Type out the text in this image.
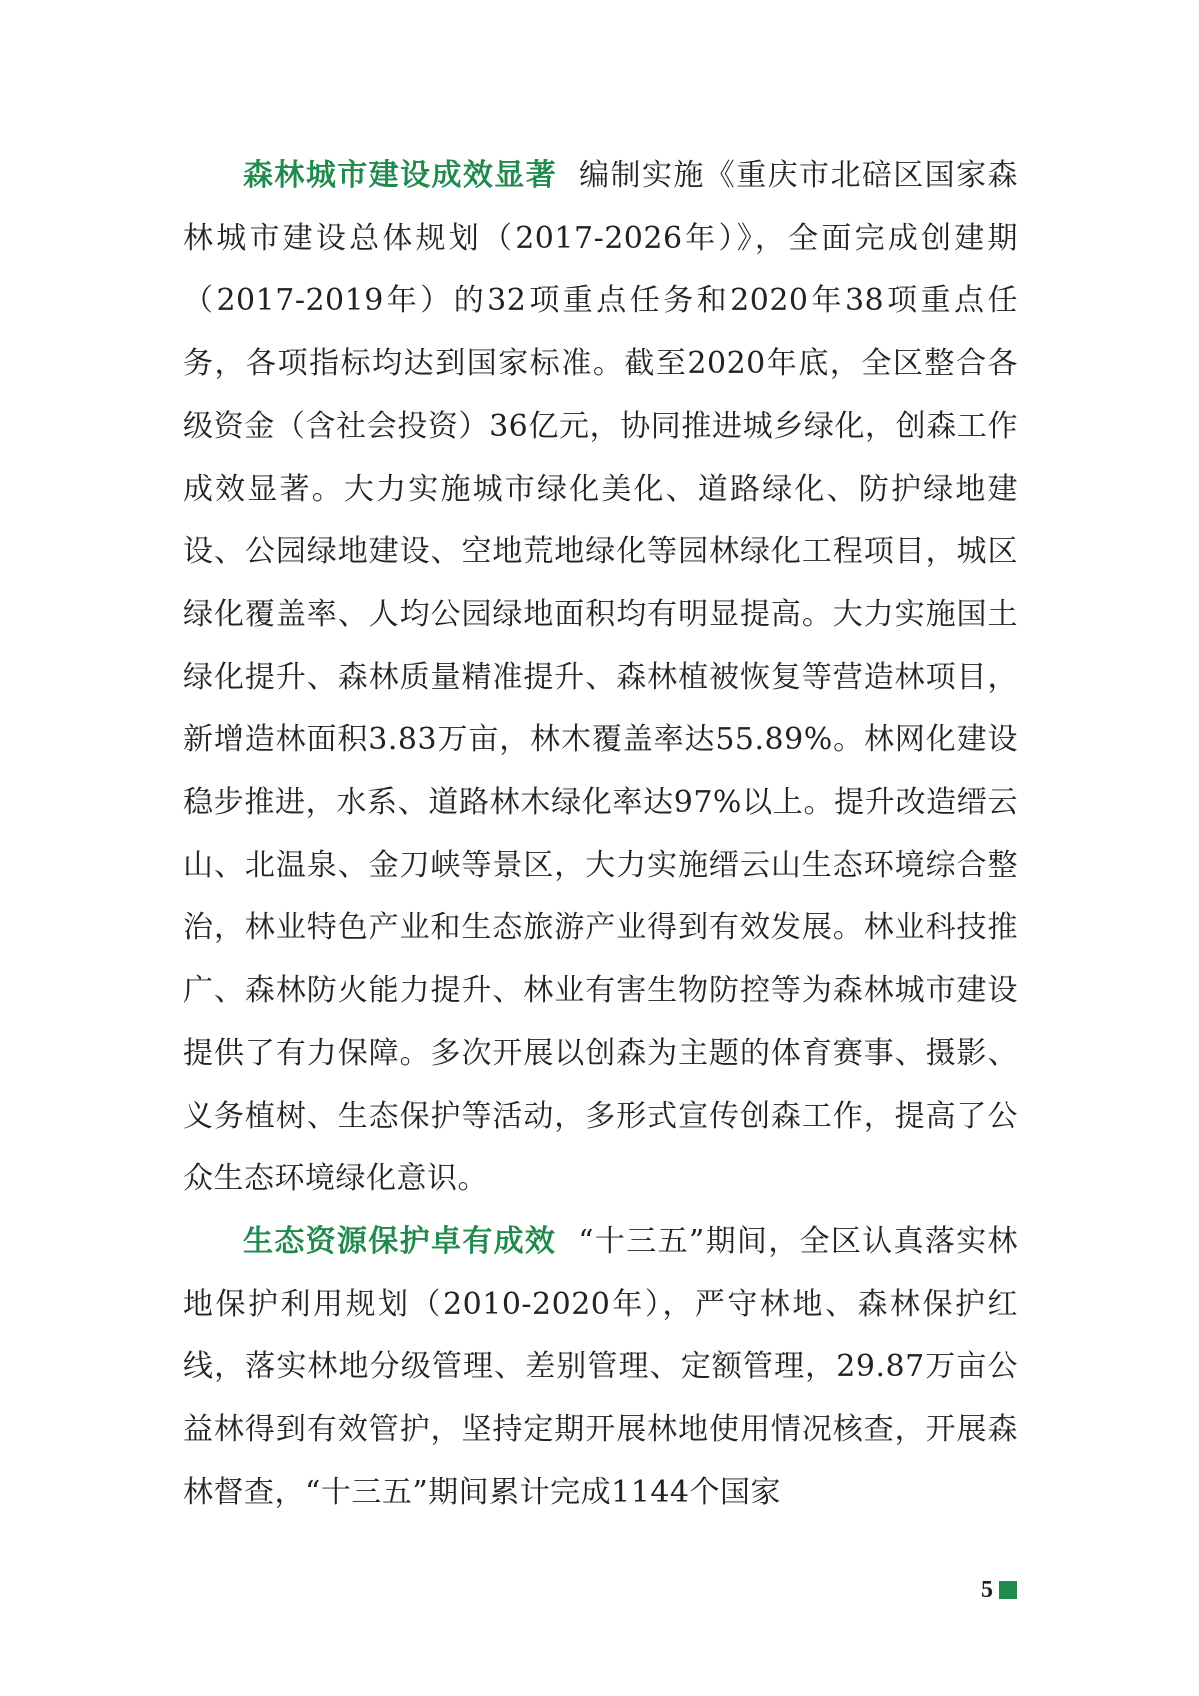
森林城市建设成效显著 编制实施《重庆市北碚区国家森林城市建设总体规划（2017-2026年）》，全面完成创建期（2017-2019年）的32项重点任务和2020年38项重点任务，各项指标均达到国家标准。截至2020年底，全区整合各级资金（含社会投资）36亿元，协同推进城乡绿化，创森工作成效显著。大力实施城市绿化美化、道路绿化、防护绿地建设、公园绿地建设、空地荒地绿化等园林绿化工程项目，城区绿化覆盖率、人均公园绿地面积均有明显提高。大力实施国土绿化提升、森林质量精准提升、森林植被恢复等营造林项目，新增造林面积3.83万亩，林木覆盖率达55.89%。林网化建设稳步推进，水系、道路林木绿化率达97%以上。提升改造缙云山、北温泉、金刀峡等景区，大力实施缙云山生态环境综合整治，林业特色产业和生态旅游产业得到有效发展。林业科技推广、森林防火能力提升、林业有害生物防控等为森林城市建设提供了有力保障。多次开展以创森为主题的体育赛事、摄影、义务植树、生态保护等活动，多形式宣传创森工作，提高了公众生态环境绿化意识。

生态资源保护卓有成效 “十三五”期间，全区认真落实林地保护利用规划（2010-2020年），严守林地、森林保护红线，落实林地分级管理、差别管理、定额管理，29.87万亩公益林得到有效管护，坚持定期开展林地使用情况核查，开展森林督查，“十三五”期间累计完成1144个国家

5
